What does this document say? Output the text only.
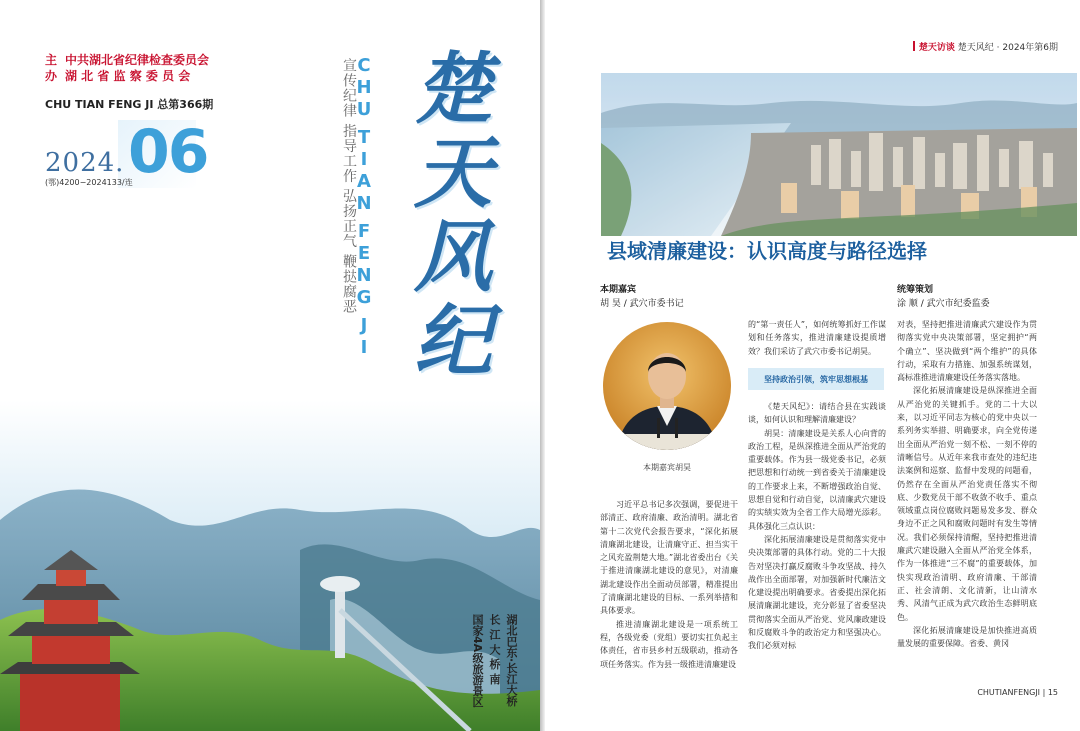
主 中共湖北省纪律检查委员会
办 湖 北 省 监 察 委 员 会
CHU TIAN FENG JI 总第366期
2024. 06
(鄂)4200−2024133/连
C
H
U

T
I
A
N

F
E
N
G

J
I
宣传纪律 指导工作 弘扬正气 鞭挞腐恶 楚
天
风
纪
湖北巴东·长江大桥
长 江 大 桥 南
国家4A级旅游景区
楚天访谈 楚天风纪 · 2024年第6期
县域清廉建设：认识高度与路径选择
本期嘉宾
胡 昊 / 武穴市委书记
统筹策划
涂 顺 / 武穴市纪委监委
本期嘉宾胡昊

习近平总书记多次强调，要促进干部清正、政府清廉、政治清明。湖北省第十二次党代会报告要求，“深化拓展清廉湖北建设，让清廉守正、担当实干之风充盈荆楚大地。”湖北省委出台《关于推进清廉湖北建设的意见》，对清廉湖北建设作出全面动员部署，精准提出了清廉湖北建设的目标、一系列举措和具体要求。

推进清廉湖北建设是一项系统工程，各级党委（党组）要切实扛负起主体责任，省市县乡村五级联动，推动各项任务落实。作为县一级推进清廉建设

的“第一责任人”，如何统筹抓好工作谋划和任务落实，推进清廉建设提质增效？我们采访了武穴市委书记胡昊。

坚持政治引领，筑牢思想根基

《楚天风纪》：请结合县在实践谈谈，如何认识和理解清廉建设？

胡昊：清廉建设是关系人心向背的政治工程，是纵深推进全面从严治党的重要载体。作为县一级党委书记，必须把思想和行动统一到省委关于清廉建设的工作要求上来，不断增强政治自觉、思想自觉和行动自觉，以清廉武穴建设的实绩实效为全省工作大局增光添彩。具体强化三点认识：

深化拓展清廉建设是贯彻落实党中央决策部署的具体行动。党的二十大报告对坚决打赢反腐败斗争攻坚战、持久战作出全面部署，对加强新时代廉洁文化建设提出明确要求。省委提出深化拓展清廉湖北建设，充分彰显了省委坚决贯彻落实全面从严治党、党风廉政建设和反腐败斗争的政治定力和坚强决心。我们必须对标

对表，坚持把推进清廉武穴建设作为贯彻落实党中央决策部署，坚定拥护“两个确立”、坚决做到“两个维护”的具体行动，采取有力措施、加强系统谋划，高标准推进清廉建设任务落实落地。

深化拓展清廉建设是纵深推进全面从严治党的关键抓手。党的二十大以来，以习近平同志为核心的党中央以一系列务实举措、明确要求，向全党传递出全面从严治党一刻不松、一刻不停的清晰信号。从近年来我市查处的违纪违法案例和巡察、监督中发现的问题看，仍然存在全面从严治党责任落实不彻底、少数党员干部不收敛不收手、重点领域重点岗位腐败问题易发多发、群众身边不正之风和腐败问题时有发生等情况。我们必须保持清醒，坚持把推进清廉武穴建设融入全面从严治党全体系，作为一体推进“三不腐”的重要载体，加快实现政治清明、政府清廉、干部清正、社会清朗、文化清新，让山清水秀、风清气正成为武穴政治生态鲜明底色。

深化拓展清廉建设是加快推进高质量发展的重要保障。省委、黄冈

CHUTIANFENGJI | 15
